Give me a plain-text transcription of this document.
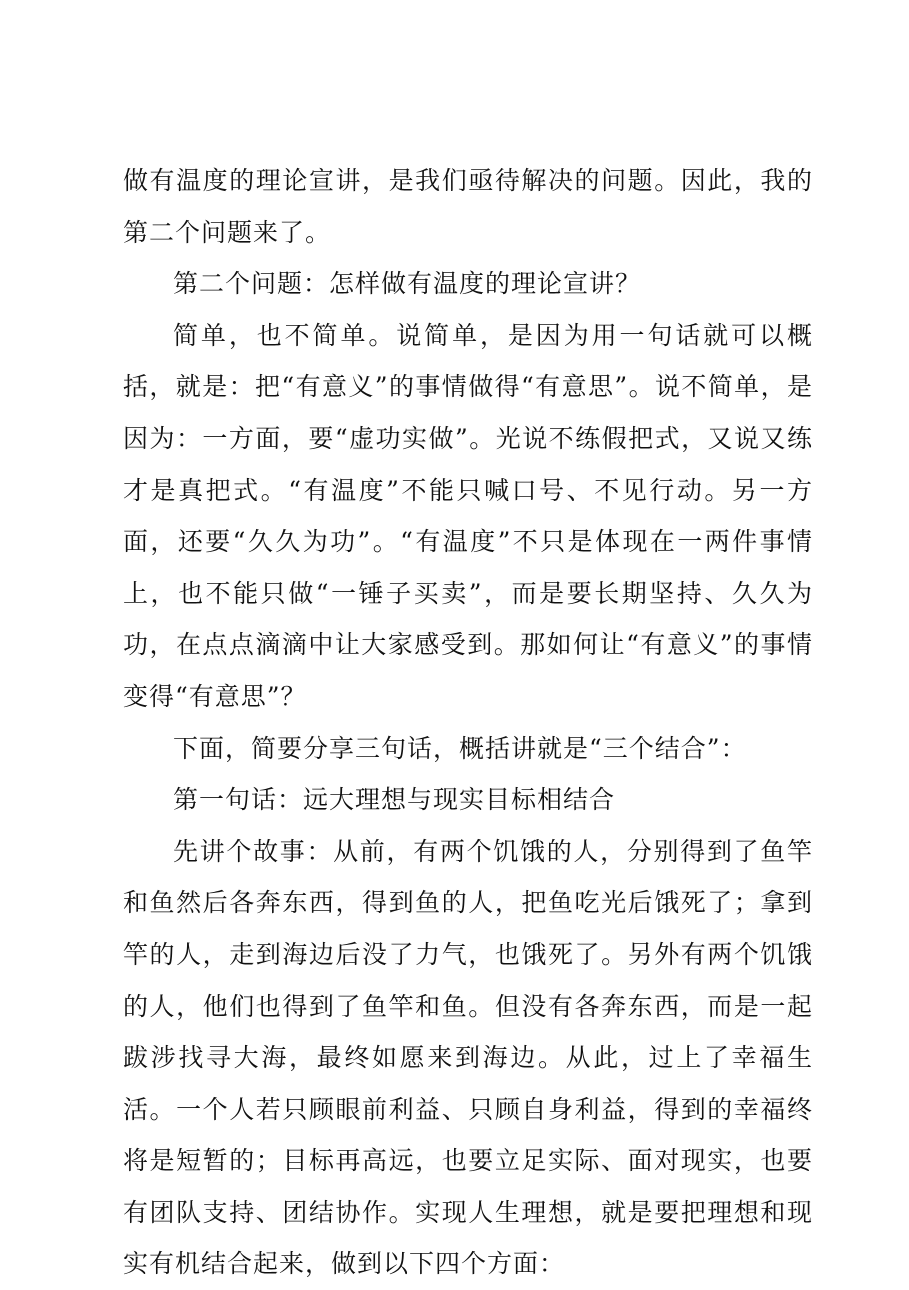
做有温度的理论宣讲，是我们亟待解决的问题。因此，我的第二个问题来了。

第二个问题：怎样做有温度的理论宣讲？

简单，也不简单。说简单，是因为用一句话就可以概括，就是：把“有意义”的事情做得“有意思”。说不简单，是因为：一方面，要“虚功实做”。光说不练假把式，又说又练才是真把式。“有温度”不能只喊口号、不见行动。另一方面，还要“久久为功”。“有温度”不只是体现在一两件事情上，也不能只做“一锤子买卖”，而是要长期坚持、久久为功，在点点滴滴中让大家感受到。那如何让“有意义”的事情变得“有意思”？

下面，简要分享三句话，概括讲就是“三个结合”：

第一句话：远大理想与现实目标相结合

先讲个故事：从前，有两个饥饿的人，分别得到了鱼竿和鱼然后各奔东西，得到鱼的人，把鱼吃光后饿死了；拿到竿的人，走到海边后没了力气，也饿死了。另外有两个饥饿的人，他们也得到了鱼竿和鱼。但没有各奔东西，而是一起跋涉找寻大海，最终如愿来到海边。从此，过上了幸福生活。一个人若只顾眼前利益、只顾自身利益，得到的幸福终将是短暂的；目标再高远，也要立足实际、面对现实，也要有团队支持、团结协作。实现人生理想，就是要把理想和现实有机结合起来，做到以下四个方面：
